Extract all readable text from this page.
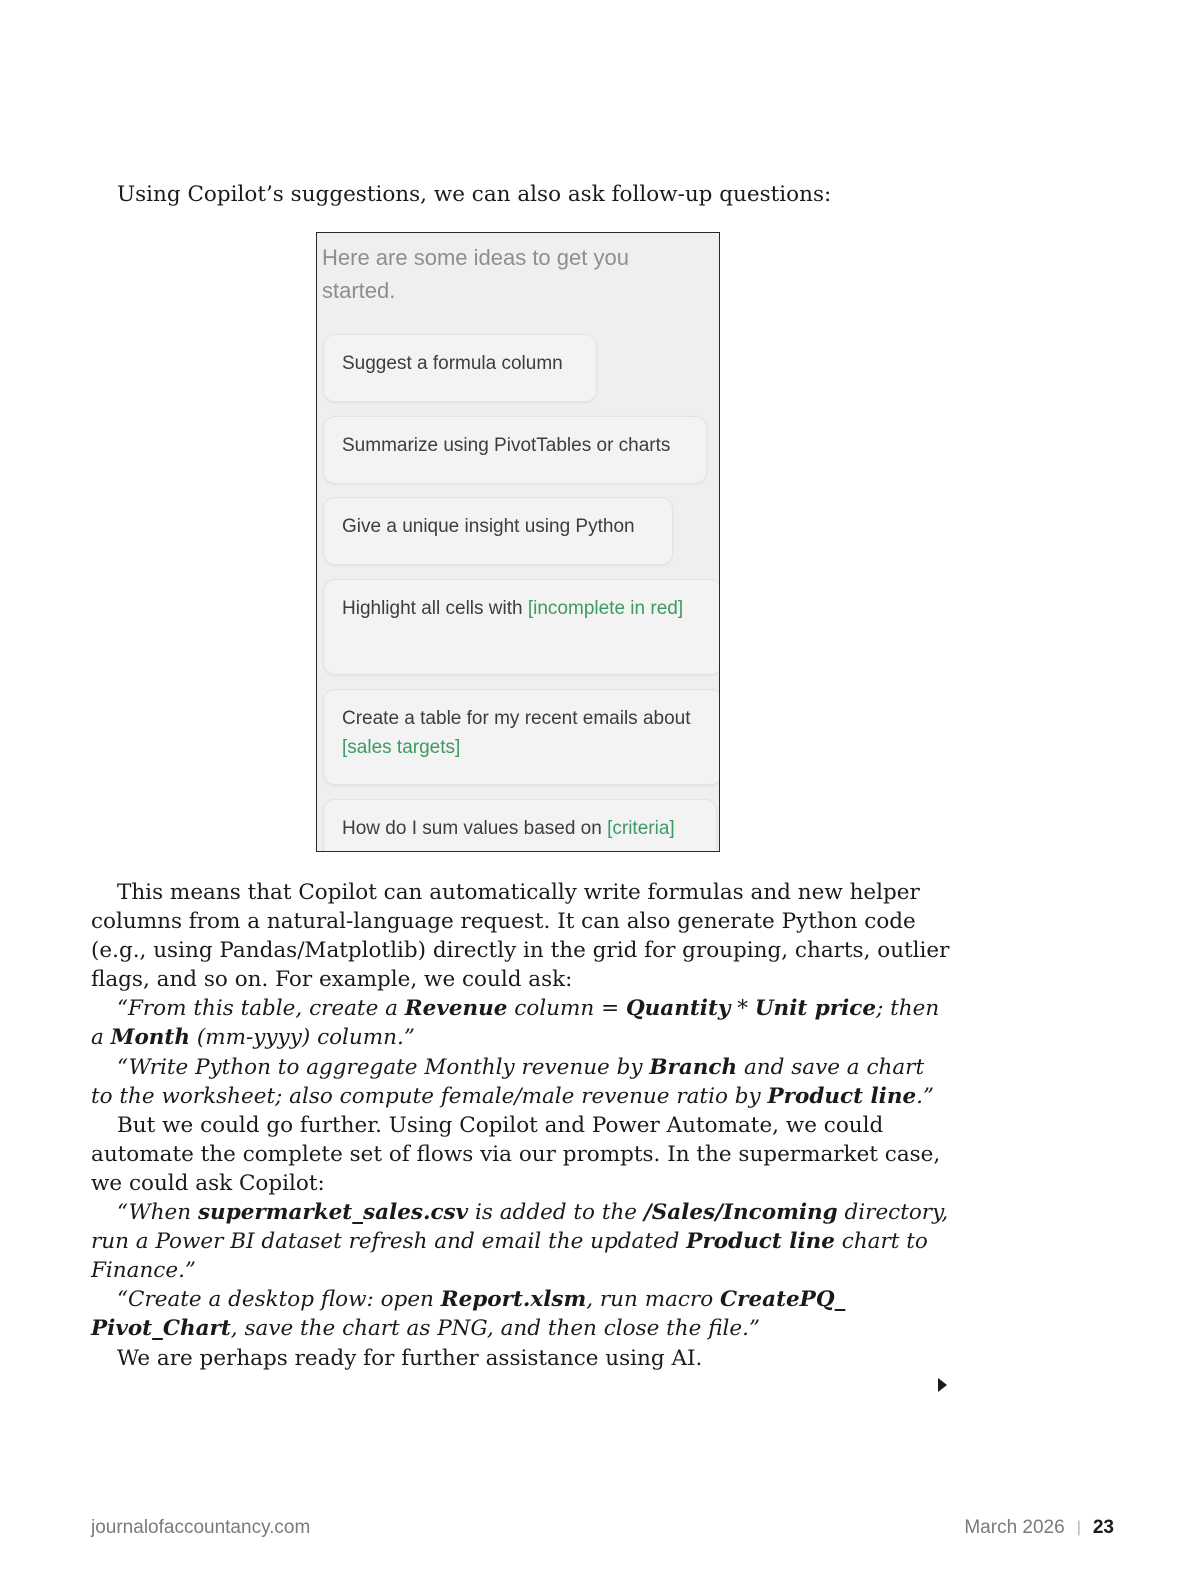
Using Copilot’s suggestions, we can also ask follow-up questions:

Here are some ideas to get you started.

Suggest a formula column
Summarize using PivotTables or charts
Give a unique insight using Python
Highlight all cells with [incomplete in red]
Create a table for my recent emails about [sales targets]
How do I sum values based on [criteria]

This means that Copilot can automatically write formulas and new helper columns from a natural-language request. It can also generate Python code (e.g., using Pandas/Matplotlib) directly in the grid for grouping, charts, outlier flags, and so on. For example, we could ask:

“From this table, create a Revenue column = Quantity * Unit price; then a Month (mm-yyyy) column.”

“Write Python to aggregate Monthly revenue by Branch and save a chart to the worksheet; also compute female/male revenue ratio by Product line.”

But we could go further. Using Copilot and Power Automate, we could automate the complete set of flows via our prompts. In the supermarket case, we could ask Copilot:

“When supermarket_sales.csv is added to the /Sales/Incoming directory, run a Power BI dataset refresh and email the updated Product line chart to Finance.”

“Create a desktop flow: open Report.xlsm, run macro CreatePQ_ Pivot_Chart, save the chart as PNG, and then close the file.”

We are perhaps ready for further assistance using AI.

journalofaccountancy.com	March 2026 | 23
